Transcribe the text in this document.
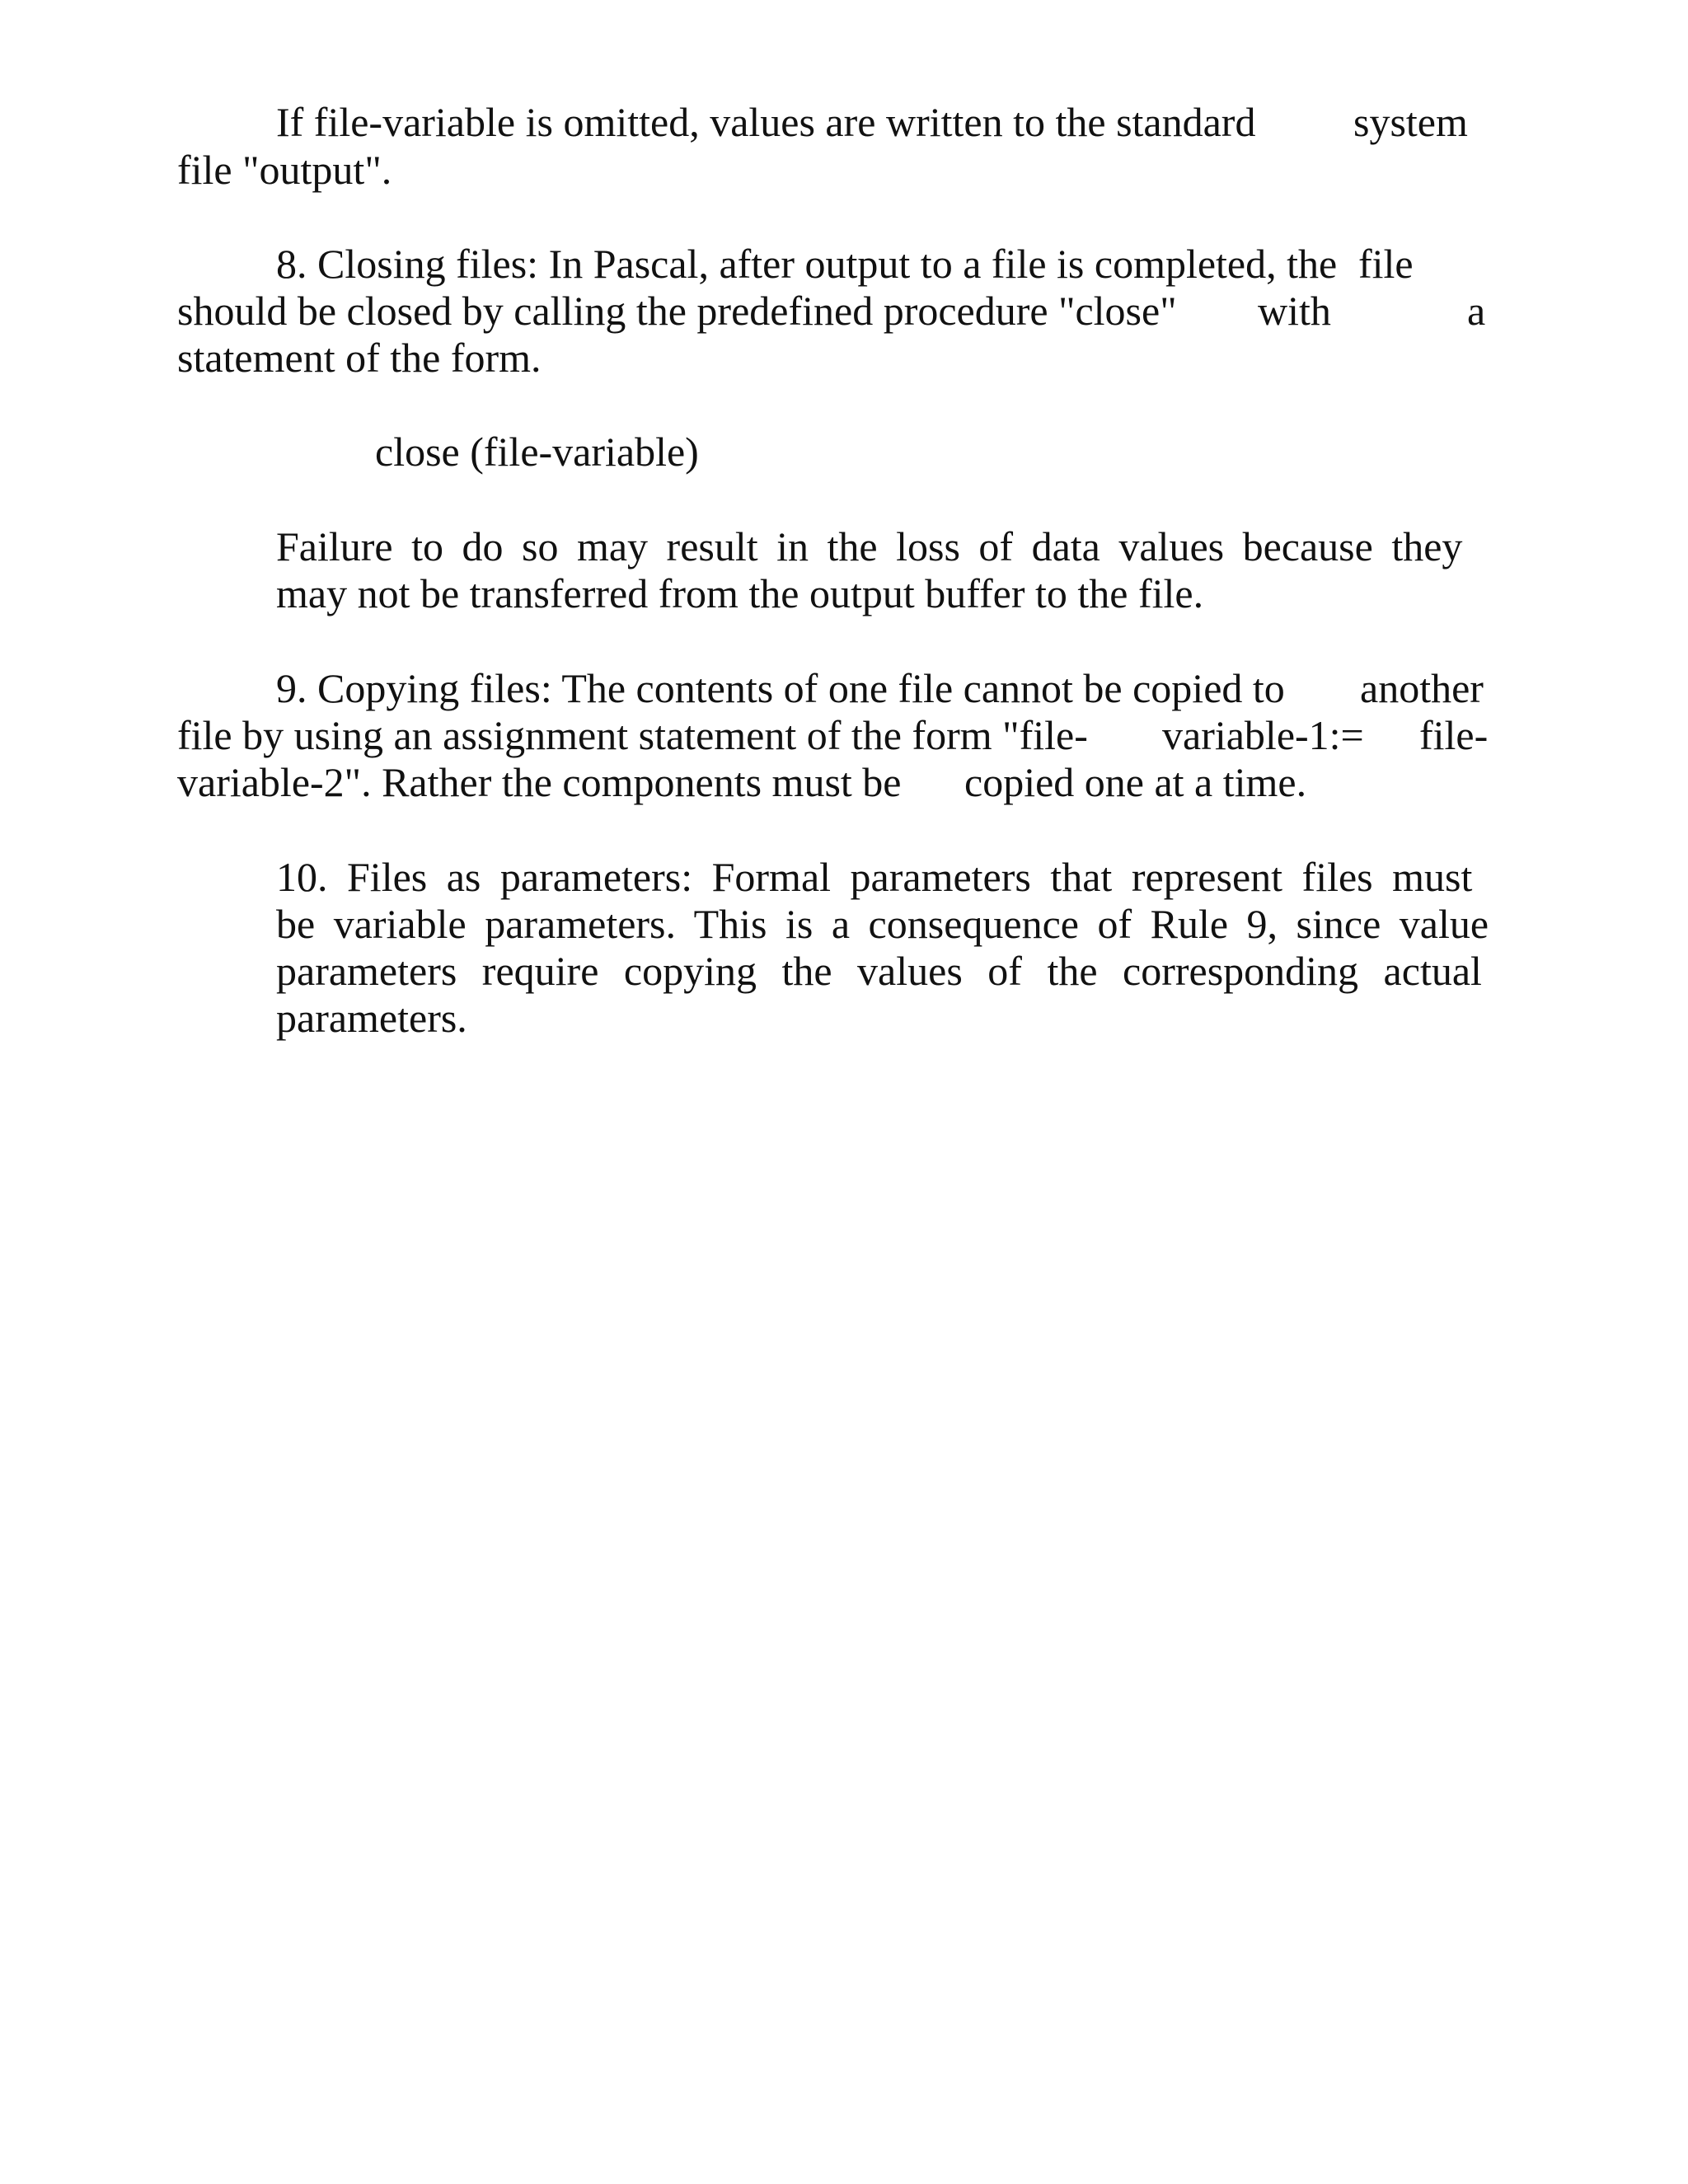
If file-variable is omitted, values are written to the standard system
file "output".
8. Closing files: In Pascal, after output to a file is completed, the file
should be closed by calling the predefined procedure "close" with	a
statement of the form.
close (file-variable)
Failure to do so may result in the loss of data values because they
may not be transferred from the output buffer to the file.
9. Copying files: The contents of one file cannot be copied to another
file by using an assignment statement of the form "file- variable-1:= file-
variable-2". Rather the components must be copied one at a time.
10. Files as parameters: Formal parameters that represent files must
be variable parameters. This is a consequence of Rule 9, since value
parameters require copying the values of the corresponding actual
parameters.
